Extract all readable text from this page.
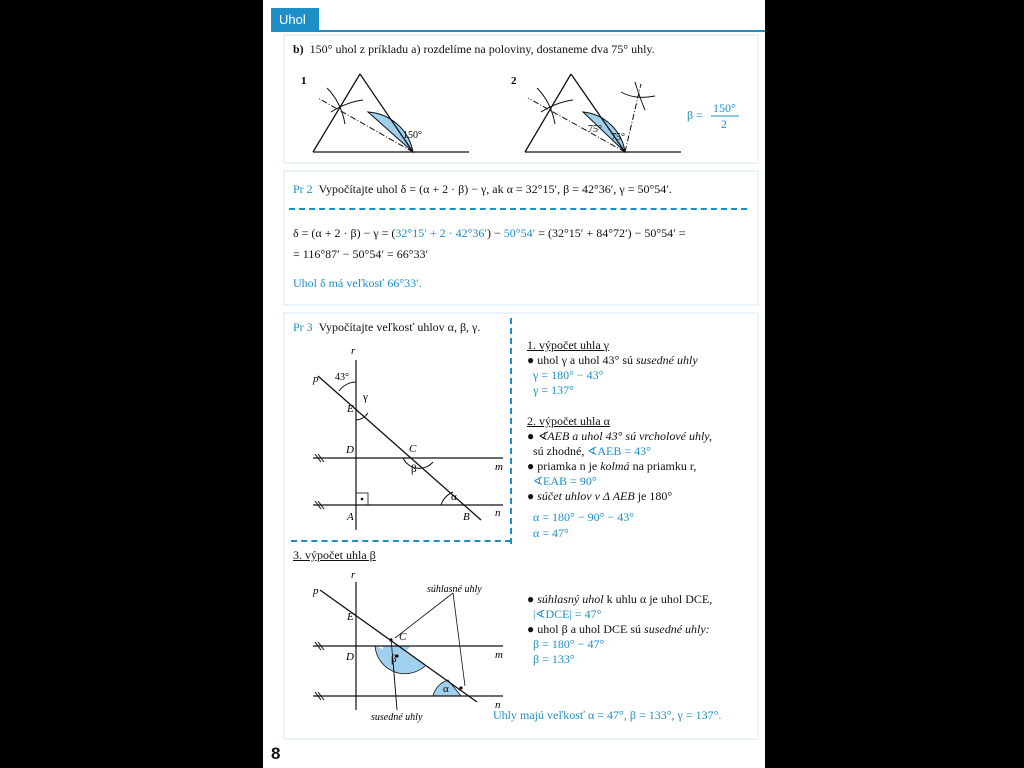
Uhol
b) 150° uhol z príkladu a) rozdelíme na poloviny, dostaneme dva 75° uhly.
1
150°
2
75°
75°
β = 150°
2
Pr 2 Vypočítajte uhol δ = (α + 2 · β) − γ, ak α = 32°15′, β = 42°36′, γ = 50°54′.
δ = (α + 2 · β) − γ = (32°15′ + 2 · 42°36′) − 50°54′ = (32°15′ + 84°72′) − 50°54′ =
= 116°87′ − 50°54′ = 66°33′
Uhol δ má veľkosť 66°33′.
Pr 3 Vypočítajte veľkosť uhlov α, β, γ.
r
p 43°
γ
E
D	C
β	m
α
A	B n
1. výpočet uhla γ
● uhol γ a uhol 43° sú susedné uhly
γ = 180° − 43°
γ = 137°
2. výpočet uhla α
● ∢AEB a uhol 43° sú vrcholové uhly,
sú zhodné, ∢AEB = 43°
● priamka n je kolmá na priamku r,
∢EAB = 90°
● súčet uhlov v Δ AEB je 180°
α = 180° − 90° − 43°
α = 47°
3. výpočet uhla β
r
p
E
D
C
β	m
α
n
súhlasné uhly
susedné uhly
● súhlasný uhol k uhlu α je uhol DCE,
|∢DCE| = 47°
● uhol β a uhol DCE sú susedné uhly:
β = 180° − 47°
β = 133°
Uhly majú veľkosť α = 47°, β = 133°, γ = 137°.
8
